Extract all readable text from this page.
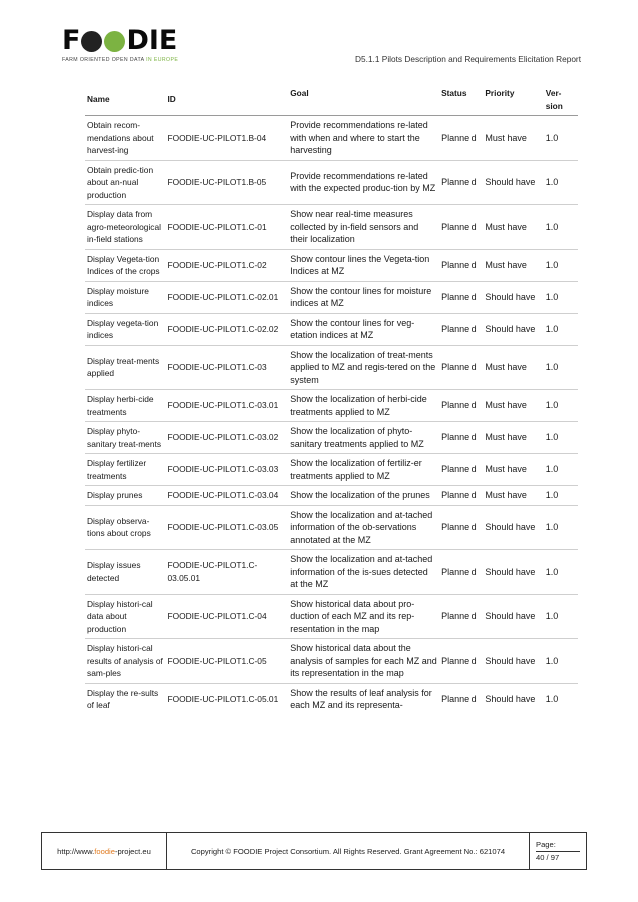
F DIE
FARM ORIENTED OPEN DATA IN EUROPE	D5.1.1 Pilots Description and Requirements Elicitation Report
Name	ID	Goal	Status	Priority	Ver-sion
Obtain recom-mendations about harvest-ing	FOODIE-UC-PILOT1.B-04	Provide recommendations re-lated with when and where to start the harvesting	Planne d	Must have	1.0
Obtain predic-tion about an-nual production	FOODIE-UC-PILOT1.B-05	Provide recommendations re-lated with the expected produc-tion by MZ	Planne d	Should have	1.0
Display data from agro-meteorological in-field stations	FOODIE-UC-PILOT1.C-01	Show near real-time measures collected by in-field sensors and their localization	Planne d	Must have	1.0
Display Vegeta-tion Indices of the crops	FOODIE-UC-PILOT1.C-02	Show contour lines the Vegeta-tion Indices at MZ	Planne d	Must have	1.0
Display moisture indices	FOODIE-UC-PILOT1.C-02.01	Show the contour lines for moisture indices at MZ	Planne d	Should have	1.0
Display vegeta-tion indices	FOODIE-UC-PILOT1.C-02.02	Show the contour lines for veg-etation indices at MZ	Planne d	Should have	1.0
Display treat-ments applied	FOODIE-UC-PILOT1.C-03	Show the localization of treat-ments applied to MZ and regis-tered on the system	Planne d	Must have	1.0
Display herbi-cide treatments	FOODIE-UC-PILOT1.C-03.01	Show the localization of herbi-cide treatments applied to MZ	Planne d	Must have	1.0
Display phyto-sanitary treat-ments	FOODIE-UC-PILOT1.C-03.02	Show the localization of phyto-sanitary treatments applied to MZ	Planne d	Must have	1.0
Display fertilizer treatments	FOODIE-UC-PILOT1.C-03.03	Show the localization of fertiliz-er treatments applied to MZ	Planne d	Must have	1.0
Display prunes	FOODIE-UC-PILOT1.C-03.04	Show the localization of the prunes	Planne d	Must have	1.0
Display observa-tions about crops	FOODIE-UC-PILOT1.C-03.05	Show the localization and at-tached information of the ob-servations annotated at the MZ	Planne d	Should have	1.0
Display issues detected	FOODIE-UC-PILOT1.C-03.05.01	Show the localization and at-tached information of the is-sues detected at the MZ	Planne d	Should have	1.0
Display histori-cal data about production	FOODIE-UC-PILOT1.C-04	Show historical data about pro-duction of each MZ and its rep-resentation in the map	Planne d	Should have	1.0
Display histori-cal results of analysis of sam-ples	FOODIE-UC-PILOT1.C-05	Show historical data about the analysis of samples for each MZ and its representation in the map	Planne d	Should have	1.0
Display the re-sults of leaf	FOODIE-UC-PILOT1.C-05.01	Show the results of leaf analysis for each MZ and its representa-	Planne d	Should have	1.0
http://www. foodie -project.eu	Copyright © FOODIE Project Consortium. All Rights Reserved. Grant Agreement No.: 621074
Page:
40 / 97
